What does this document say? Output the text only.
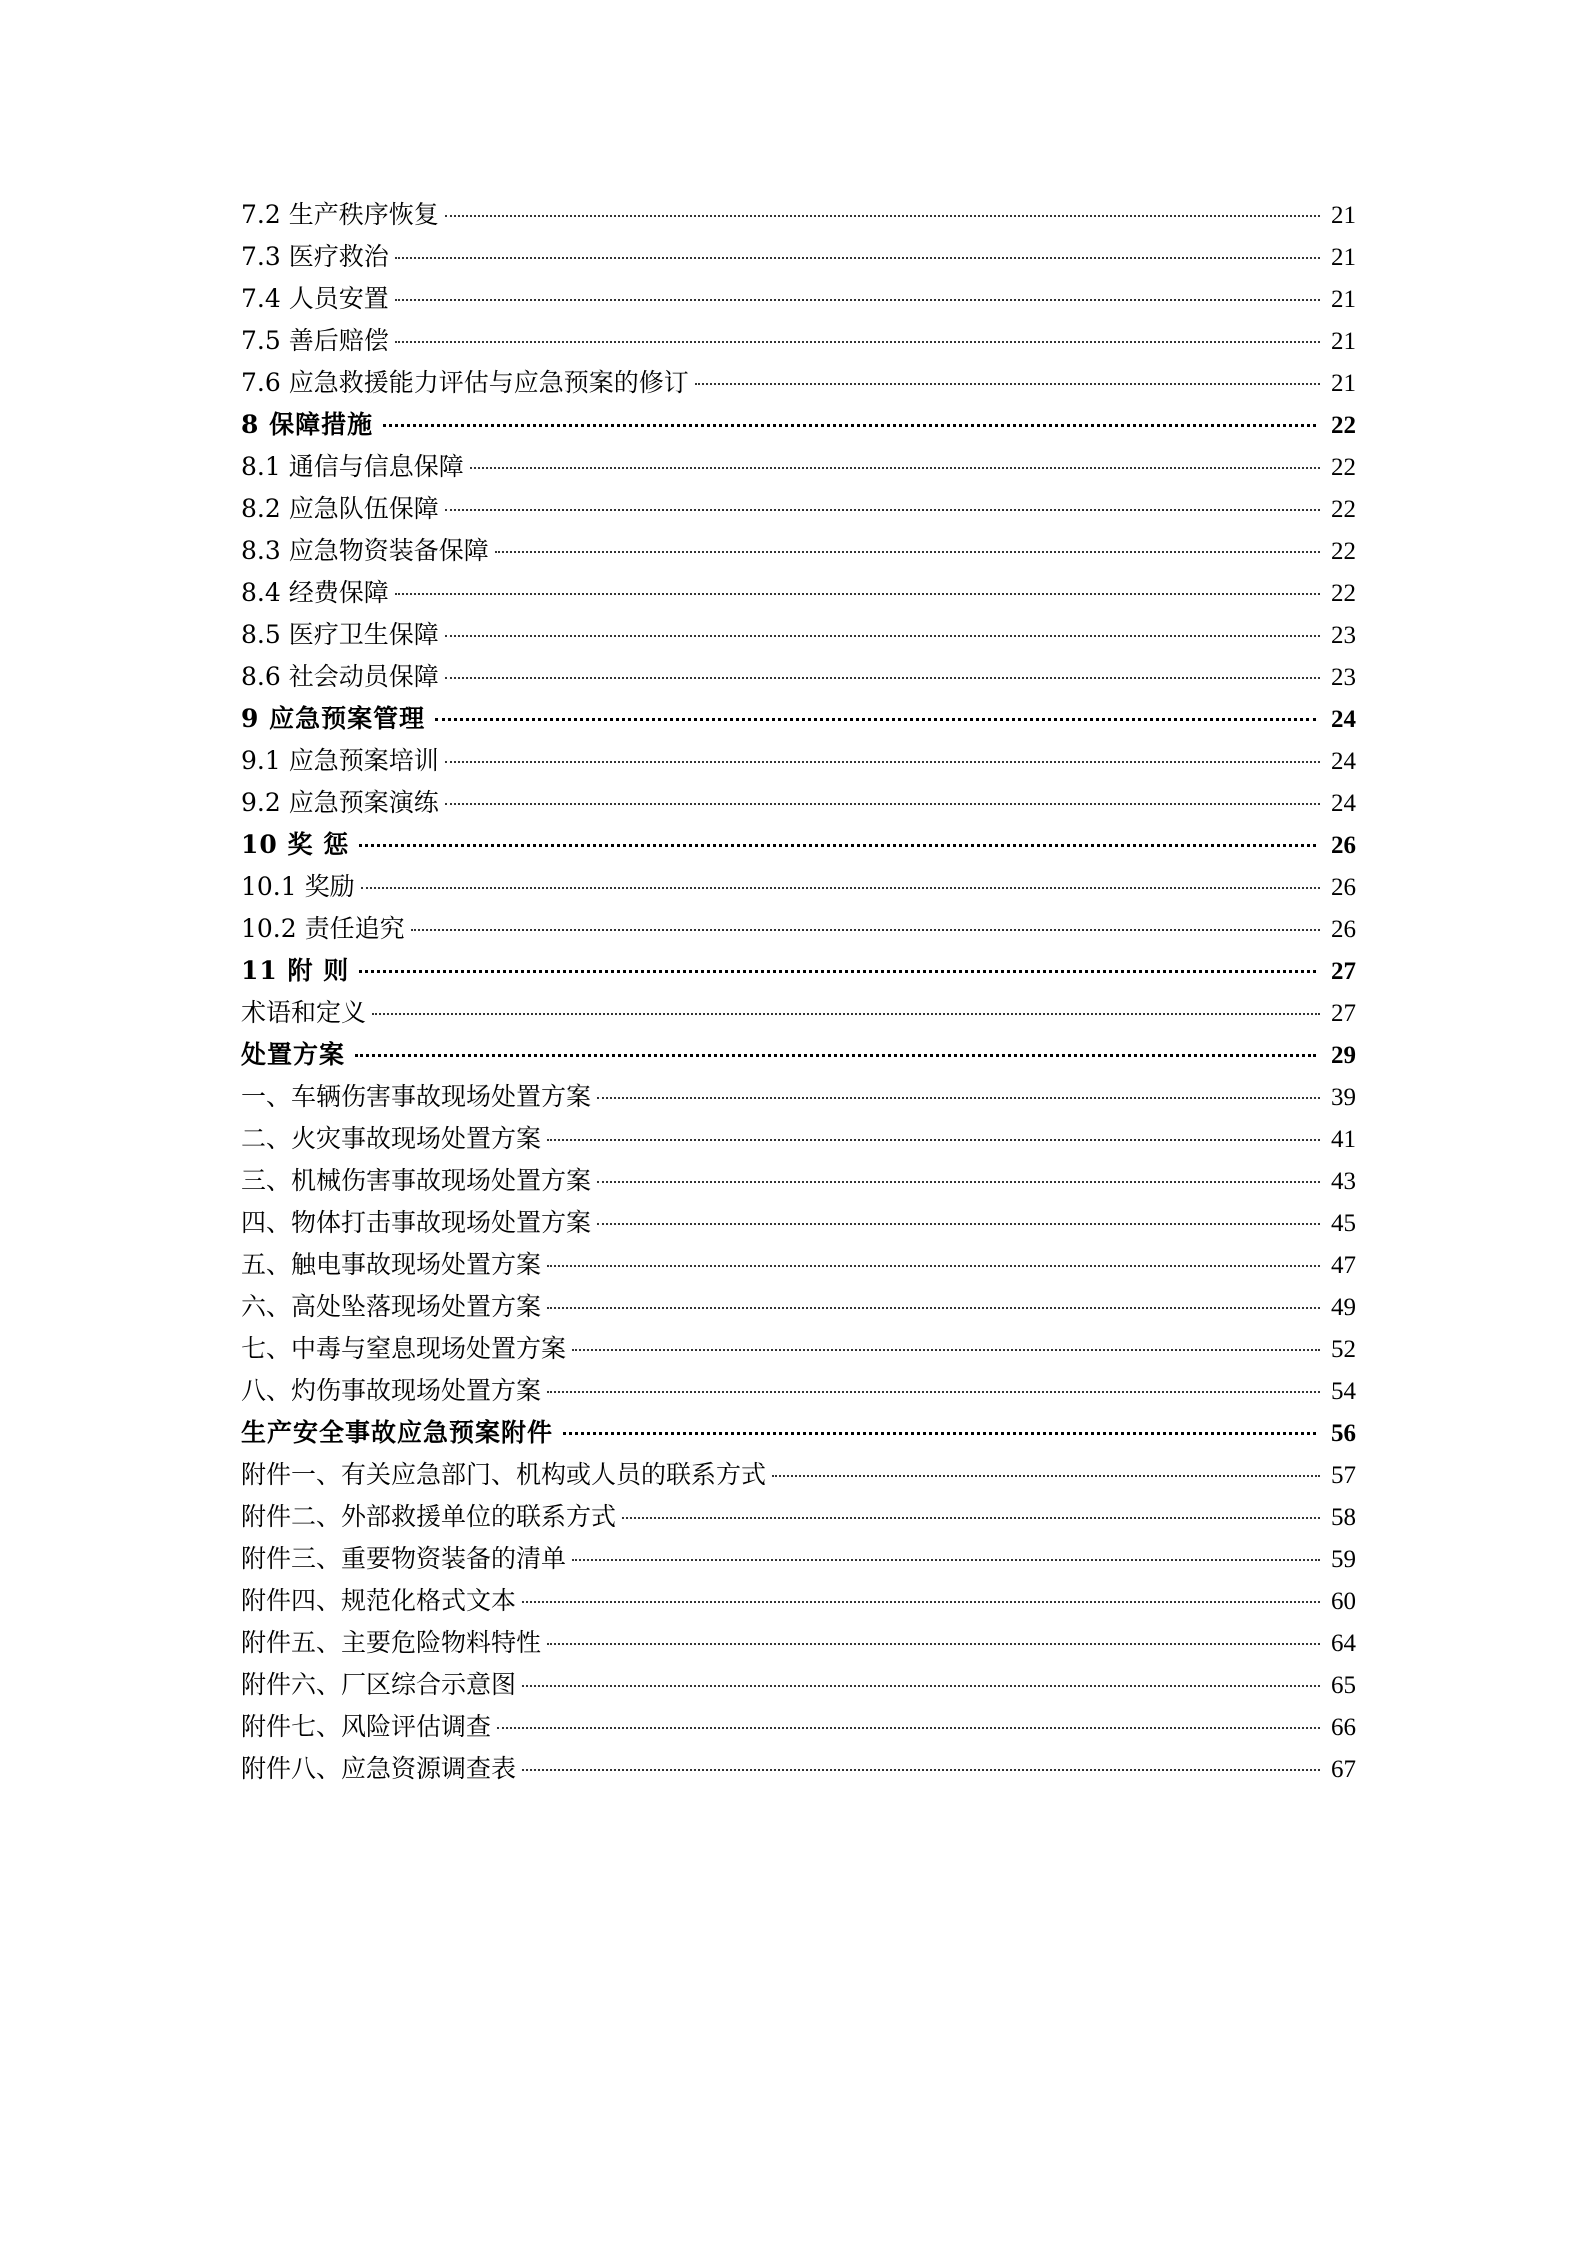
7.2 生产秩序恢复	21
7.3 医疗救治	21
7.4 人员安置	21
7.5 善后赔偿	21
7.6 应急救援能力评估与应急预案的修订	21
8 保障措施	22
8.1 通信与信息保障	22
8.2 应急队伍保障	22
8.3 应急物资装备保障	22
8.4 经费保障	22
8.5 医疗卫生保障	23
8.6 社会动员保障	23
9 应急预案管理	24
9.1 应急预案培训	24
9.2 应急预案演练	24
10 奖 惩	26
10.1 奖励	26
10.2 责任追究	26
11 附 则	27
术语和定义	27
处置方案	29
一、车辆伤害事故现场处置方案	39
二、火灾事故现场处置方案	41
三、机械伤害事故现场处置方案	43
四、物体打击事故现场处置方案	45
五、触电事故现场处置方案	47
六、高处坠落现场处置方案	49
七、中毒与窒息现场处置方案	52
八、灼伤事故现场处置方案	54
生产安全事故应急预案附件	56
附件一、有关应急部门、机构或人员的联系方式	57
附件二、外部救援单位的联系方式	58
附件三、重要物资装备的清单	59
附件四、规范化格式文本	60
附件五、主要危险物料特性	64
附件六、厂区综合示意图	65
附件七、风险评估调查	66
附件八、应急资源调查表	67
